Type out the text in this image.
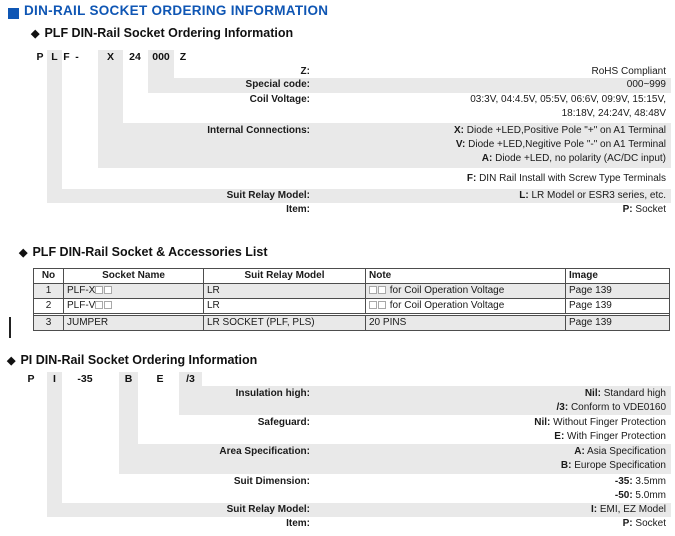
DIN-RAIL SOCKET ORDERING INFORMATION
◆ PLF DIN-Rail Socket Ordering Information
P L F -	X	24	000 Z
Z:	RoHS Compliant
Special code:	000~999
Coil Voltage:	03:3V, 04:4.5V, 05:5V, 06:6V, 09:9V, 15:15V,
18:18V, 24:24V, 48:48V
Internal Connections:	X: Diode +LED,Positive Pole "+" on A1 Terminal
V: Diode +LED,Negitive Pole "-" on A1 Terminal
A: Diode +LED, no polarity (AC/DC input)
F: DIN Rail Install with Screw Type Terminals
Suit Relay Model:	L: LR Model or ESR3 series, etc.
Item:	P: Socket
◆ PLF DIN-Rail Socket & Accessories List
No	Socket Name	Suit Relay Model	Note	Image
1	PLF-X	LR	for Coil Operation Voltage	Page 139
2	PLF-V	LR	for Coil Operation Voltage	Page 139
3	JUMPER	LR SOCKET (PLF, PLS)	20 PINS	Page 139
◆ PI DIN-Rail Socket Ordering Information
P	I	-35	B	E	/3
Insulation high:	Nil: Standard high
/3: Conform to VDE0160
Safeguard:	Nil: Without Finger Protection
E: With Finger Protection
Area Specification:	A: Asia Specification
B: Europe Specification
Suit Dimension:	-35: 3.5mm
-50: 5.0mm
Suit Relay Model:	I: EMI, EZ Model
Item:	P: Socket
